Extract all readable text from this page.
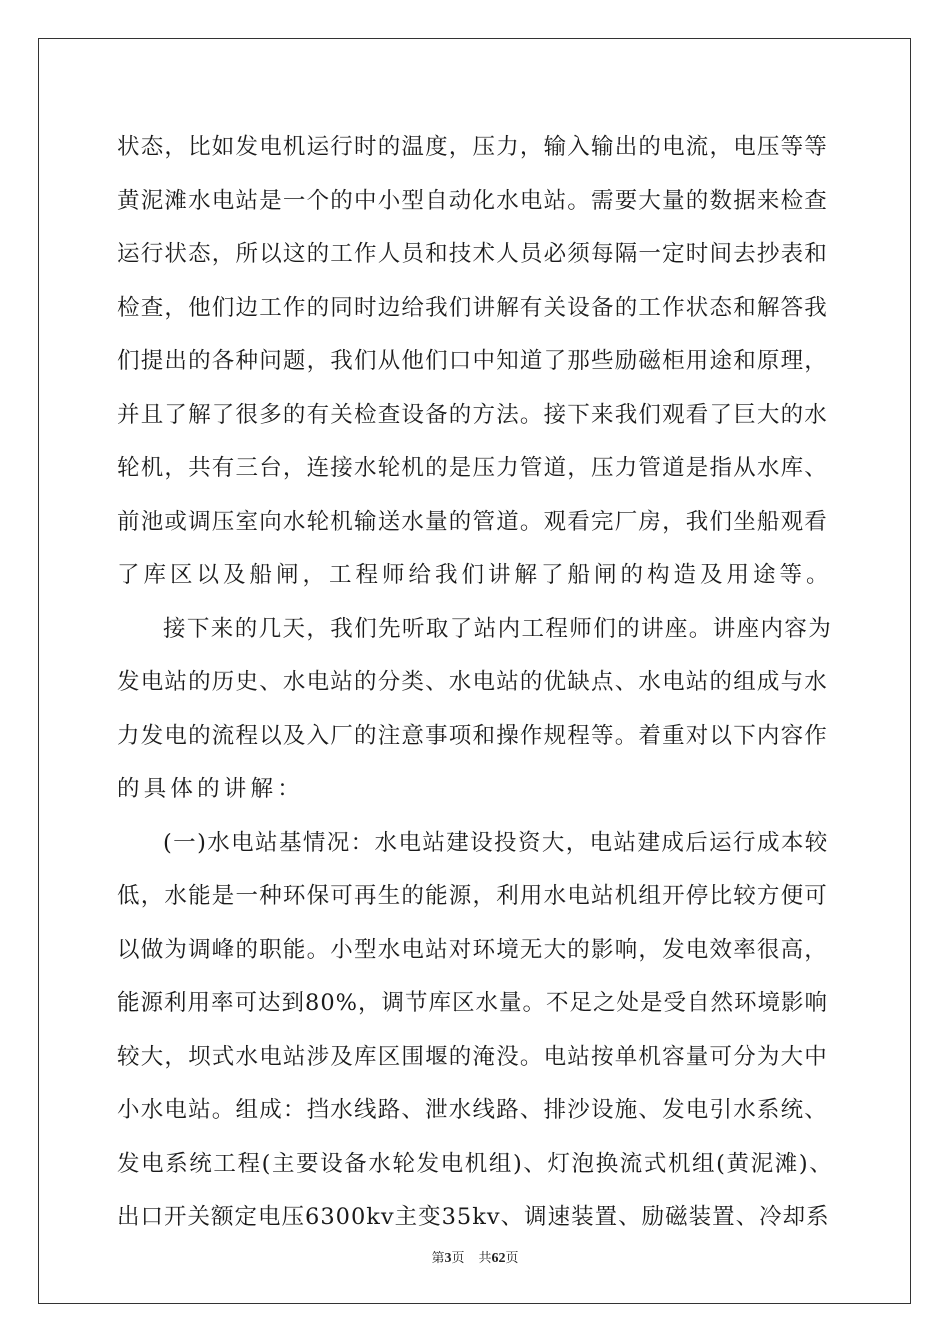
状态，比如发电机运行时的温度，压力，输入输出的电流，电压等等
黄泥滩水电站是一个的中小型自动化水电站。需要大量的数据来检查
运行状态，所以这的工作人员和技术人员必须每隔一定时间去抄表和
检查，他们边工作的同时边给我们讲解有关设备的工作状态和解答我
们提出的各种问题，我们从他们口中知道了那些励磁柜用途和原理，
并且了解了很多的有关检查设备的方法。接下来我们观看了巨大的水
轮机，共有三台，连接水轮机的是压力管道，压力管道是指从水库、
前池或调压室向水轮机输送水量的管道。观看完厂房，我们坐船观看
了库区以及船闸，工程师给我们讲解了船闸的构造及用途等。
接下来的几天，我们先听取了站内工程师们的讲座。讲座内容为
发电站的历史、水电站的分类、水电站的优缺点、水电站的组成与水
力发电的流程以及入厂的注意事项和操作规程等。着重对以下内容作
的具体的讲解：
(一)水电站基情况：水电站建设投资大，电站建成后运行成本较
低，水能是一种环保可再生的能源，利用水电站机组开停比较方便可
以做为调峰的职能。小型水电站对环境无大的影响，发电效率很高，
能源利用率可达到80%，调节库区水量。不足之处是受自然环境影响
较大，坝式水电站涉及库区围堰的淹没。电站按单机容量可分为大中
小水电站。组成：挡水线路、泄水线路、排沙设施、发电引水系统、
发电系统工程(主要设备水轮发电机组)、灯泡换流式机组(黄泥滩)、
出口开关额定电压6300kv主变35kv、调速装置、励磁装置、冷却系
第3页 共62页
